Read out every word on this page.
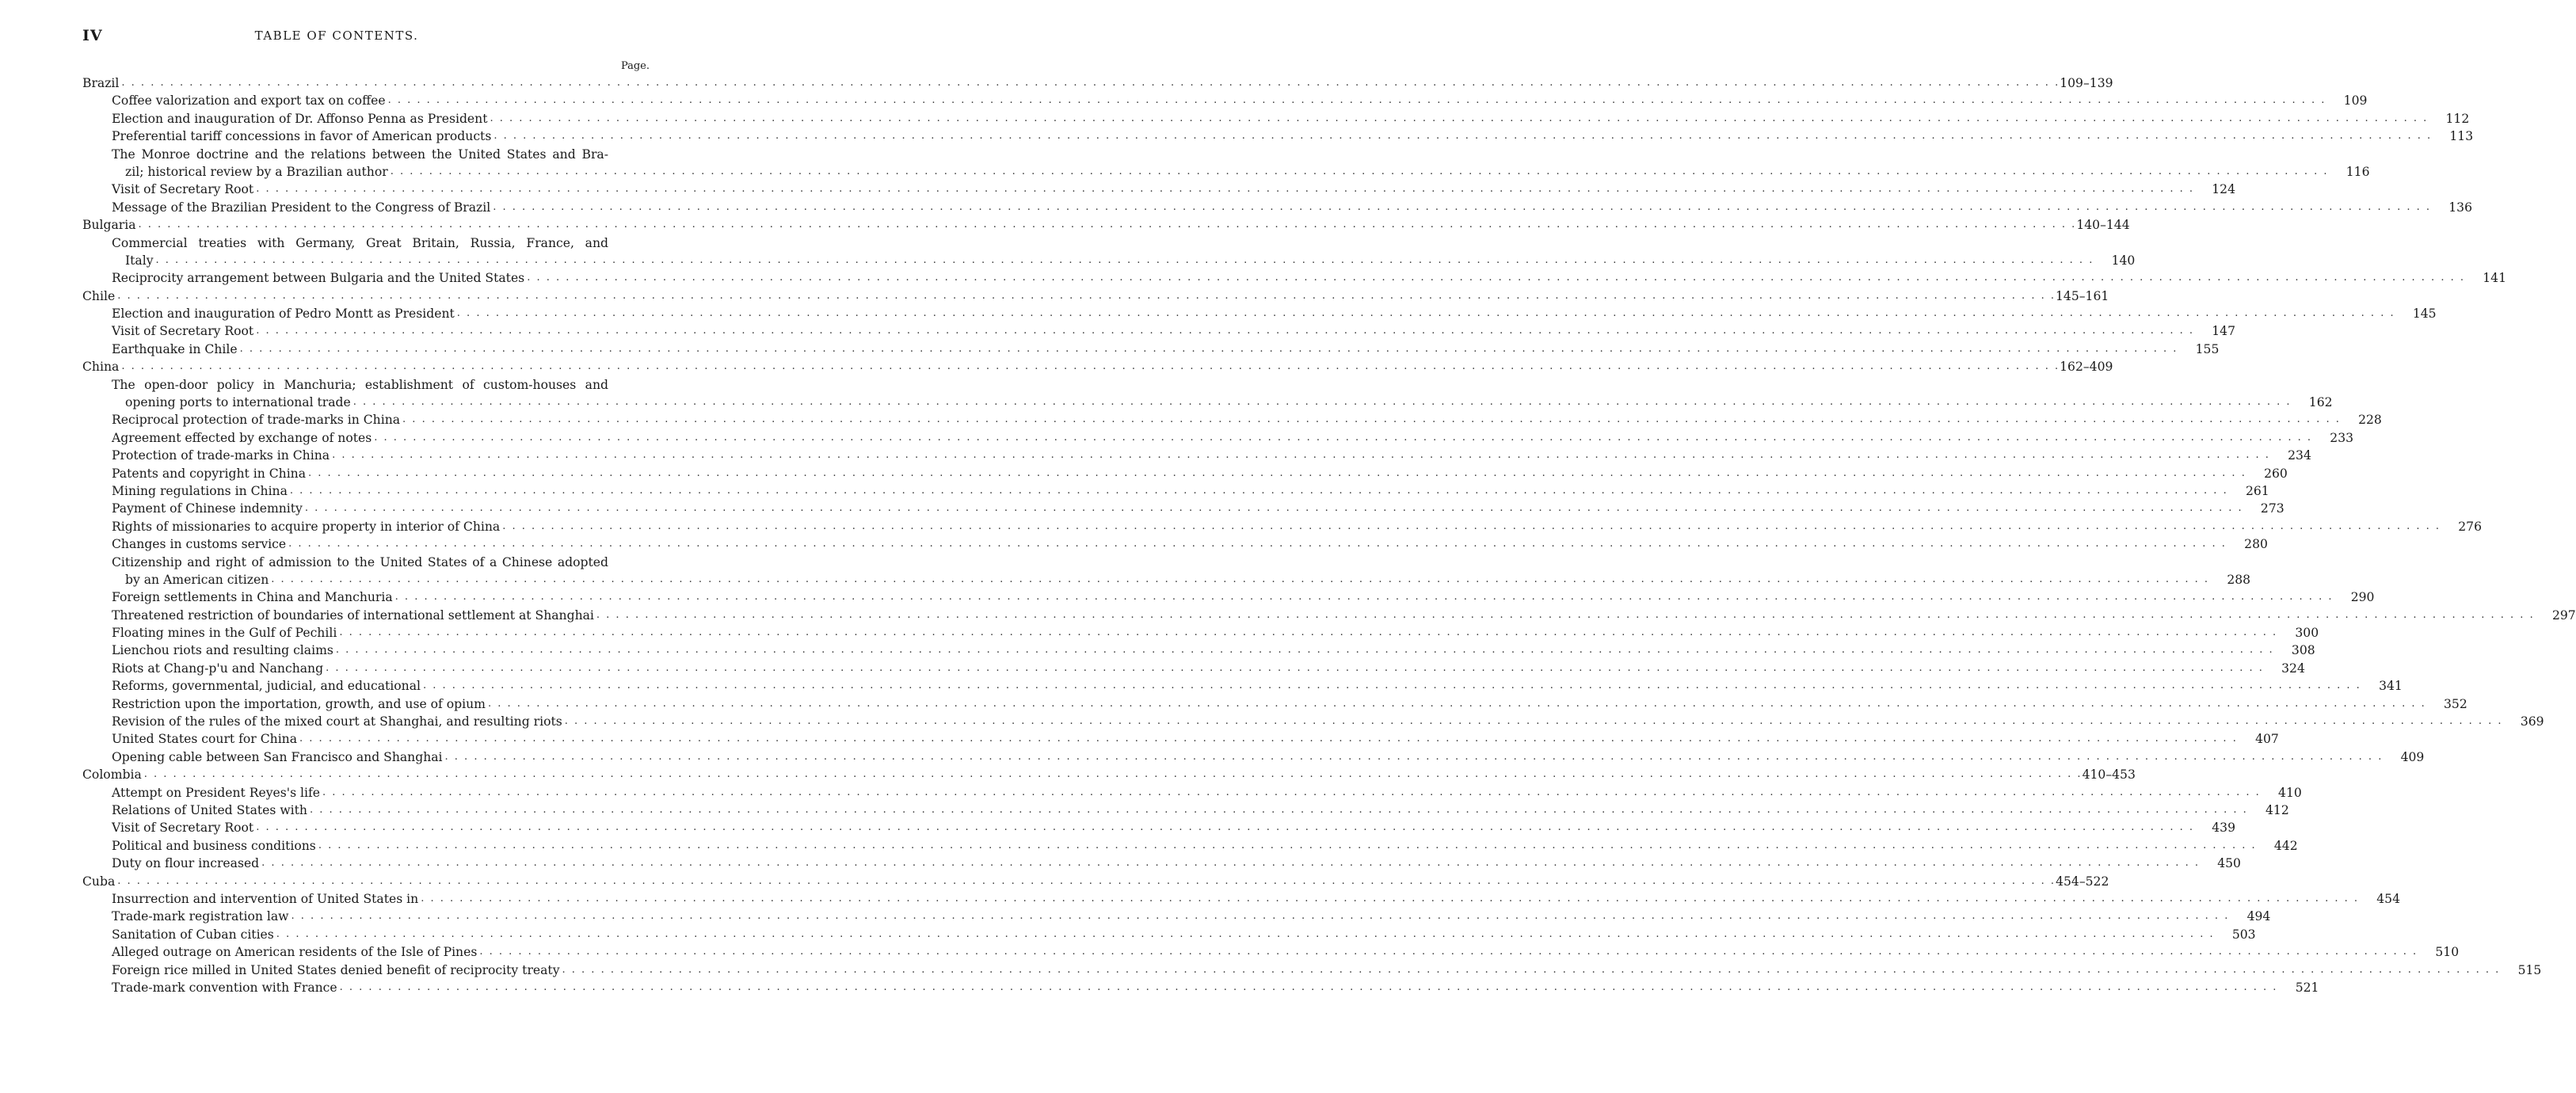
IV	TABLE OF CONTENTS.
Page.
Brazil . . . . . . . . . . . . . . . . . . . . . . . . . . . . . . . . . . . . . . . . . . . . . . . . . . . . . . . . . . . . . . . . . . . . . . . . . . . . . . . . . . . . . . . . . . . . . . . . . . . . . . . . . . . . . . . . . . . . . . . . . . . . . . . . . . . . . . . . . . . . . . . . . . . . . . . . . . . . . . . . . . . . . . . . . . . . . . . . . . . . . . . . . . . . . . . . . . . . . . . . 109–139
Coffee valorization and export tax on coffee . . . . . . . . . . . . . . . . . . . . . . . . . . . . . . . . . . . . . . . . . . . . . . . . . . . . . . . . . . . . . . . . . . . . . . . . . . . . . . . . . . . . . . . . . . . . . . . . . . . . . . . . . . . . . . . . . . . . . . . . . . . . . . . . . . . . . . . . . . . . . . . . . . . . . . . . . . . . . . . . . . . . . . . . . . . . . . . . . . . . . . . . . . . . . . . . . . . . . . . .	109
Election and inauguration of Dr. Affonso Penna as President . . . . . . . . . . . . . . . . . . . . . . . . . . . . . . . . . . . . . . . . . . . . . . . . . . . . . . . . . . . . . . . . . . . . . . . . . . . . . . . . . . . . . . . . . . . . . . . . . . . . . . . . . . . . . . . . . . . . . . . . . . . . . . . . . . . . . . . . . . . . . . . . . . . . . . . . . . . . . . . . . . . . . . . . . . . . . . . . . . . . . . . . . . . . . . . . . . . . . . . .	112
Preferential tariff concessions in favor of American products . . . . . . . . . . . . . . . . . . . . . . . . . . . . . . . . . . . . . . . . . . . . . . . . . . . . . . . . . . . . . . . . . . . . . . . . . . . . . . . . . . . . . . . . . . . . . . . . . . . . . . . . . . . . . . . . . . . . . . . . . . . . . . . . . . . . . . . . . . . . . . . . . . . . . . . . . . . . . . . . . . . . . . . . . . . . . . . . . . . . . . . . . . . . . . . . . . . . . . . .	113
The Monroe doctrine and the relations between the United States and Bra-
zil; historical review by a Brazilian author . . . . . . . . . . . . . . . . . . . . . . . . . . . . . . . . . . . . . . . . . . . . . . . . . . . . . . . . . . . . . . . . . . . . . . . . . . . . . . . . . . . . . . . . . . . . . . . . . . . . . . . . . . . . . . . . . . . . . . . . . . . . . . . . . . . . . . . . . . . . . . . . . . . . . . . . . . . . . . . . . . . . . . . . . . . . . . . . . . . . . . . . . . . . . . . . . . . . . . . .	116
Visit of Secretary Root . . . . . . . . . . . . . . . . . . . . . . . . . . . . . . . . . . . . . . . . . . . . . . . . . . . . . . . . . . . . . . . . . . . . . . . . . . . . . . . . . . . . . . . . . . . . . . . . . . . . . . . . . . . . . . . . . . . . . . . . . . . . . . . . . . . . . . . . . . . . . . . . . . . . . . . . . . . . . . . . . . . . . . . . . . . . . . . . . . . . . . . . . . . . . . . . . . . . . . . .	124
Message of the Brazilian President to the Congress of Brazil . . . . . . . . . . . . . . . . . . . . . . . . . . . . . . . . . . . . . . . . . . . . . . . . . . . . . . . . . . . . . . . . . . . . . . . . . . . . . . . . . . . . . . . . . . . . . . . . . . . . . . . . . . . . . . . . . . . . . . . . . . . . . . . . . . . . . . . . . . . . . . . . . . . . . . . . . . . . . . . . . . . . . . . . . . . . . . . . . . . . . . . . . . . . . . . . . . . . . . . .	136
Bulgaria . . . . . . . . . . . . . . . . . . . . . . . . . . . . . . . . . . . . . . . . . . . . . . . . . . . . . . . . . . . . . . . . . . . . . . . . . . . . . . . . . . . . . . . . . . . . . . . . . . . . . . . . . . . . . . . . . . . . . . . . . . . . . . . . . . . . . . . . . . . . . . . . . . . . . . . . . . . . . . . . . . . . . . . . . . . . . . . . . . . . . . . . . . . . . . . . . . . . . . . . 140–144
Commercial treaties with Germany, Great Britain, Russia, France, and
Italy . . . . . . . . . . . . . . . . . . . . . . . . . . . . . . . . . . . . . . . . . . . . . . . . . . . . . . . . . . . . . . . . . . . . . . . . . . . . . . . . . . . . . . . . . . . . . . . . . . . . . . . . . . . . . . . . . . . . . . . . . . . . . . . . . . . . . . . . . . . . . . . . . . . . . . . . . . . . . . . . . . . . . . . . . . . . . . . . . . . . . . . . . . . . . . . . . . . . . . . .	140
Reciprocity arrangement between Bulgaria and the United States . . . . . . . . . . . . . . . . . . . . . . . . . . . . . . . . . . . . . . . . . . . . . . . . . . . . . . . . . . . . . . . . . . . . . . . . . . . . . . . . . . . . . . . . . . . . . . . . . . . . . . . . . . . . . . . . . . . . . . . . . . . . . . . . . . . . . . . . . . . . . . . . . . . . . . . . . . . . . . . . . . . . . . . . . . . . . . . . . . . . . . . . . . . . . . . . . . . . . . . .	141
Chile . . . . . . . . . . . . . . . . . . . . . . . . . . . . . . . . . . . . . . . . . . . . . . . . . . . . . . . . . . . . . . . . . . . . . . . . . . . . . . . . . . . . . . . . . . . . . . . . . . . . . . . . . . . . . . . . . . . . . . . . . . . . . . . . . . . . . . . . . . . . . . . . . . . . . . . . . . . . . . . . . . . . . . . . . . . . . . . . . . . . . . . . . . . . . . . . . . . . . . . . 145–161
Election and inauguration of Pedro Montt as President . . . . . . . . . . . . . . . . . . . . . . . . . . . . . . . . . . . . . . . . . . . . . . . . . . . . . . . . . . . . . . . . . . . . . . . . . . . . . . . . . . . . . . . . . . . . . . . . . . . . . . . . . . . . . . . . . . . . . . . . . . . . . . . . . . . . . . . . . . . . . . . . . . . . . . . . . . . . . . . . . . . . . . . . . . . . . . . . . . . . . . . . . . . . . . . . . . . . . . . .	145
Visit of Secretary Root . . . . . . . . . . . . . . . . . . . . . . . . . . . . . . . . . . . . . . . . . . . . . . . . . . . . . . . . . . . . . . . . . . . . . . . . . . . . . . . . . . . . . . . . . . . . . . . . . . . . . . . . . . . . . . . . . . . . . . . . . . . . . . . . . . . . . . . . . . . . . . . . . . . . . . . . . . . . . . . . . . . . . . . . . . . . . . . . . . . . . . . . . . . . . . . . . . . . . . . .	147
Earthquake in Chile . . . . . . . . . . . . . . . . . . . . . . . . . . . . . . . . . . . . . . . . . . . . . . . . . . . . . . . . . . . . . . . . . . . . . . . . . . . . . . . . . . . . . . . . . . . . . . . . . . . . . . . . . . . . . . . . . . . . . . . . . . . . . . . . . . . . . . . . . . . . . . . . . . . . . . . . . . . . . . . . . . . . . . . . . . . . . . . . . . . . . . . . . . . . . . . . . . . . . . . .	155
China . . . . . . . . . . . . . . . . . . . . . . . . . . . . . . . . . . . . . . . . . . . . . . . . . . . . . . . . . . . . . . . . . . . . . . . . . . . . . . . . . . . . . . . . . . . . . . . . . . . . . . . . . . . . . . . . . . . . . . . . . . . . . . . . . . . . . . . . . . . . . . . . . . . . . . . . . . . . . . . . . . . . . . . . . . . . . . . . . . . . . . . . . . . . . . . . . . . . . . . . 162–409
The open-door policy in Manchuria; establishment of custom-houses and
opening ports to international trade . . . . . . . . . . . . . . . . . . . . . . . . . . . . . . . . . . . . . . . . . . . . . . . . . . . . . . . . . . . . . . . . . . . . . . . . . . . . . . . . . . . . . . . . . . . . . . . . . . . . . . . . . . . . . . . . . . . . . . . . . . . . . . . . . . . . . . . . . . . . . . . . . . . . . . . . . . . . . . . . . . . . . . . . . . . . . . . . . . . . . . . . . . . . . . . . . . . . . . . .	162
Reciprocal protection of trade-marks in China . . . . . . . . . . . . . . . . . . . . . . . . . . . . . . . . . . . . . . . . . . . . . . . . . . . . . . . . . . . . . . . . . . . . . . . . . . . . . . . . . . . . . . . . . . . . . . . . . . . . . . . . . . . . . . . . . . . . . . . . . . . . . . . . . . . . . . . . . . . . . . . . . . . . . . . . . . . . . . . . . . . . . . . . . . . . . . . . . . . . . . . . . . . . . . . . . . . . . . . .	228
Agreement effected by exchange of notes . . . . . . . . . . . . . . . . . . . . . . . . . . . . . . . . . . . . . . . . . . . . . . . . . . . . . . . . . . . . . . . . . . . . . . . . . . . . . . . . . . . . . . . . . . . . . . . . . . . . . . . . . . . . . . . . . . . . . . . . . . . . . . . . . . . . . . . . . . . . . . . . . . . . . . . . . . . . . . . . . . . . . . . . . . . . . . . . . . . . . . . . . . . . . . . . . . . . . . . .	233
Protection of trade-marks in China . . . . . . . . . . . . . . . . . . . . . . . . . . . . . . . . . . . . . . . . . . . . . . . . . . . . . . . . . . . . . . . . . . . . . . . . . . . . . . . . . . . . . . . . . . . . . . . . . . . . . . . . . . . . . . . . . . . . . . . . . . . . . . . . . . . . . . . . . . . . . . . . . . . . . . . . . . . . . . . . . . . . . . . . . . . . . . . . . . . . . . . . . . . . . . . . . . . . . . . .	234
Patents and copyright in China . . . . . . . . . . . . . . . . . . . . . . . . . . . . . . . . . . . . . . . . . . . . . . . . . . . . . . . . . . . . . . . . . . . . . . . . . . . . . . . . . . . . . . . . . . . . . . . . . . . . . . . . . . . . . . . . . . . . . . . . . . . . . . . . . . . . . . . . . . . . . . . . . . . . . . . . . . . . . . . . . . . . . . . . . . . . . . . . . . . . . . . . . . . . . . . . . . . . . . . .	260
Mining regulations in China . . . . . . . . . . . . . . . . . . . . . . . . . . . . . . . . . . . . . . . . . . . . . . . . . . . . . . . . . . . . . . . . . . . . . . . . . . . . . . . . . . . . . . . . . . . . . . . . . . . . . . . . . . . . . . . . . . . . . . . . . . . . . . . . . . . . . . . . . . . . . . . . . . . . . . . . . . . . . . . . . . . . . . . . . . . . . . . . . . . . . . . . . . . . . . . . . . . . . . . .	261
Payment of Chinese indemnity . . . . . . . . . . . . . . . . . . . . . . . . . . . . . . . . . . . . . . . . . . . . . . . . . . . . . . . . . . . . . . . . . . . . . . . . . . . . . . . . . . . . . . . . . . . . . . . . . . . . . . . . . . . . . . . . . . . . . . . . . . . . . . . . . . . . . . . . . . . . . . . . . . . . . . . . . . . . . . . . . . . . . . . . . . . . . . . . . . . . . . . . . . . . . . . . . . . . . . . .	273
Rights of missionaries to acquire property in interior of China . . . . . . . . . . . . . . . . . . . . . . . . . . . . . . . . . . . . . . . . . . . . . . . . . . . . . . . . . . . . . . . . . . . . . . . . . . . . . . . . . . . . . . . . . . . . . . . . . . . . . . . . . . . . . . . . . . . . . . . . . . . . . . . . . . . . . . . . . . . . . . . . . . . . . . . . . . . . . . . . . . . . . . . . . . . . . . . . . . . . . . . . . . . . . . . . . . . . . . . .	276
Changes in customs service . . . . . . . . . . . . . . . . . . . . . . . . . . . . . . . . . . . . . . . . . . . . . . . . . . . . . . . . . . . . . . . . . . . . . . . . . . . . . . . . . . . . . . . . . . . . . . . . . . . . . . . . . . . . . . . . . . . . . . . . . . . . . . . . . . . . . . . . . . . . . . . . . . . . . . . . . . . . . . . . . . . . . . . . . . . . . . . . . . . . . . . . . . . . . . . . . . . . . . . .	280
Citizenship and right of admission to the United States of a Chinese adopted
by an American citizen . . . . . . . . . . . . . . . . . . . . . . . . . . . . . . . . . . . . . . . . . . . . . . . . . . . . . . . . . . . . . . . . . . . . . . . . . . . . . . . . . . . . . . . . . . . . . . . . . . . . . . . . . . . . . . . . . . . . . . . . . . . . . . . . . . . . . . . . . . . . . . . . . . . . . . . . . . . . . . . . . . . . . . . . . . . . . . . . . . . . . . . . . . . . . . . . . . . . . . . .	288
Foreign settlements in China and Manchuria . . . . . . . . . . . . . . . . . . . . . . . . . . . . . . . . . . . . . . . . . . . . . . . . . . . . . . . . . . . . . . . . . . . . . . . . . . . . . . . . . . . . . . . . . . . . . . . . . . . . . . . . . . . . . . . . . . . . . . . . . . . . . . . . . . . . . . . . . . . . . . . . . . . . . . . . . . . . . . . . . . . . . . . . . . . . . . . . . . . . . . . . . . . . . . . . . . . . . . . .	290
Threatened restriction of boundaries of international settlement at Shanghai . . . . . . . . . . . . . . . . . . . . . . . . . . . . . . . . . . . . . . . . . . . . . . . . . . . . . . . . . . . . . . . . . . . . . . . . . . . . . . . . . . . . . . . . . . . . . . . . . . . . . . . . . . . . . . . . . . . . . . . . . . . . . . . . . . . . . . . . . . . . . . . . . . . . . . . . . . . . . . . . . . . . . . . . . . . . . . . . . . . . . . . . . . . . . . . . . . . . . . . .	297
Floating mines in the Gulf of Pechili . . . . . . . . . . . . . . . . . . . . . . . . . . . . . . . . . . . . . . . . . . . . . . . . . . . . . . . . . . . . . . . . . . . . . . . . . . . . . . . . . . . . . . . . . . . . . . . . . . . . . . . . . . . . . . . . . . . . . . . . . . . . . . . . . . . . . . . . . . . . . . . . . . . . . . . . . . . . . . . . . . . . . . . . . . . . . . . . . . . . . . . . . . . . . . . . . . . . . . . .	300
Lienchou riots and resulting claims . . . . . . . . . . . . . . . . . . . . . . . . . . . . . . . . . . . . . . . . . . . . . . . . . . . . . . . . . . . . . . . . . . . . . . . . . . . . . . . . . . . . . . . . . . . . . . . . . . . . . . . . . . . . . . . . . . . . . . . . . . . . . . . . . . . . . . . . . . . . . . . . . . . . . . . . . . . . . . . . . . . . . . . . . . . . . . . . . . . . . . . . . . . . . . . . . . . . . . . .	308
Riots at Chang-p'u and Nanchang . . . . . . . . . . . . . . . . . . . . . . . . . . . . . . . . . . . . . . . . . . . . . . . . . . . . . . . . . . . . . . . . . . . . . . . . . . . . . . . . . . . . . . . . . . . . . . . . . . . . . . . . . . . . . . . . . . . . . . . . . . . . . . . . . . . . . . . . . . . . . . . . . . . . . . . . . . . . . . . . . . . . . . . . . . . . . . . . . . . . . . . . . . . . . . . . . . . . . . . .	324
Reforms, governmental, judicial, and educational . . . . . . . . . . . . . . . . . . . . . . . . . . . . . . . . . . . . . . . . . . . . . . . . . . . . . . . . . . . . . . . . . . . . . . . . . . . . . . . . . . . . . . . . . . . . . . . . . . . . . . . . . . . . . . . . . . . . . . . . . . . . . . . . . . . . . . . . . . . . . . . . . . . . . . . . . . . . . . . . . . . . . . . . . . . . . . . . . . . . . . . . . . . . . . . . . . . . . . . .	341
Restriction upon the importation, growth, and use of opium . . . . . . . . . . . . . . . . . . . . . . . . . . . . . . . . . . . . . . . . . . . . . . . . . . . . . . . . . . . . . . . . . . . . . . . . . . . . . . . . . . . . . . . . . . . . . . . . . . . . . . . . . . . . . . . . . . . . . . . . . . . . . . . . . . . . . . . . . . . . . . . . . . . . . . . . . . . . . . . . . . . . . . . . . . . . . . . . . . . . . . . . . . . . . . . . . . . . . . . .	352
Revision of the rules of the mixed court at Shanghai, and resulting riots . . . . . . . . . . . . . . . . . . . . . . . . . . . . . . . . . . . . . . . . . . . . . . . . . . . . . . . . . . . . . . . . . . . . . . . . . . . . . . . . . . . . . . . . . . . . . . . . . . . . . . . . . . . . . . . . . . . . . . . . . . . . . . . . . . . . . . . . . . . . . . . . . . . . . . . . . . . . . . . . . . . . . . . . . . . . . . . . . . . . . . . . . . . . . . . . . . . . . . . .	369
United States court for China . . . . . . . . . . . . . . . . . . . . . . . . . . . . . . . . . . . . . . . . . . . . . . . . . . . . . . . . . . . . . . . . . . . . . . . . . . . . . . . . . . . . . . . . . . . . . . . . . . . . . . . . . . . . . . . . . . . . . . . . . . . . . . . . . . . . . . . . . . . . . . . . . . . . . . . . . . . . . . . . . . . . . . . . . . . . . . . . . . . . . . . . . . . . . . . . . . . . . . . .	407
Opening cable between San Francisco and Shanghai . . . . . . . . . . . . . . . . . . . . . . . . . . . . . . . . . . . . . . . . . . . . . . . . . . . . . . . . . . . . . . . . . . . . . . . . . . . . . . . . . . . . . . . . . . . . . . . . . . . . . . . . . . . . . . . . . . . . . . . . . . . . . . . . . . . . . . . . . . . . . . . . . . . . . . . . . . . . . . . . . . . . . . . . . . . . . . . . . . . . . . . . . . . . . . . . . . . . . . . .	409
Colombia . . . . . . . . . . . . . . . . . . . . . . . . . . . . . . . . . . . . . . . . . . . . . . . . . . . . . . . . . . . . . . . . . . . . . . . . . . . . . . . . . . . . . . . . . . . . . . . . . . . . . . . . . . . . . . . . . . . . . . . . . . . . . . . . . . . . . . . . . . . . . . . . . . . . . . . . . . . . . . . . . . . . . . . . . . . . . . . . . . . . . . . . . . . . . . . . . . . . . . . . 410–453
Attempt on President Reyes's life . . . . . . . . . . . . . . . . . . . . . . . . . . . . . . . . . . . . . . . . . . . . . . . . . . . . . . . . . . . . . . . . . . . . . . . . . . . . . . . . . . . . . . . . . . . . . . . . . . . . . . . . . . . . . . . . . . . . . . . . . . . . . . . . . . . . . . . . . . . . . . . . . . . . . . . . . . . . . . . . . . . . . . . . . . . . . . . . . . . . . . . . . . . . . . . . . . . . . . . .	410
Relations of United States with . . . . . . . . . . . . . . . . . . . . . . . . . . . . . . . . . . . . . . . . . . . . . . . . . . . . . . . . . . . . . . . . . . . . . . . . . . . . . . . . . . . . . . . . . . . . . . . . . . . . . . . . . . . . . . . . . . . . . . . . . . . . . . . . . . . . . . . . . . . . . . . . . . . . . . . . . . . . . . . . . . . . . . . . . . . . . . . . . . . . . . . . . . . . . . . . . . . . . . . .	412
Visit of Secretary Root . . . . . . . . . . . . . . . . . . . . . . . . . . . . . . . . . . . . . . . . . . . . . . . . . . . . . . . . . . . . . . . . . . . . . . . . . . . . . . . . . . . . . . . . . . . . . . . . . . . . . . . . . . . . . . . . . . . . . . . . . . . . . . . . . . . . . . . . . . . . . . . . . . . . . . . . . . . . . . . . . . . . . . . . . . . . . . . . . . . . . . . . . . . . . . . . . . . . . . . .	439
Political and business conditions . . . . . . . . . . . . . . . . . . . . . . . . . . . . . . . . . . . . . . . . . . . . . . . . . . . . . . . . . . . . . . . . . . . . . . . . . . . . . . . . . . . . . . . . . . . . . . . . . . . . . . . . . . . . . . . . . . . . . . . . . . . . . . . . . . . . . . . . . . . . . . . . . . . . . . . . . . . . . . . . . . . . . . . . . . . . . . . . . . . . . . . . . . . . . . . . . . . . . . . .	442
Duty on flour increased . . . . . . . . . . . . . . . . . . . . . . . . . . . . . . . . . . . . . . . . . . . . . . . . . . . . . . . . . . . . . . . . . . . . . . . . . . . . . . . . . . . . . . . . . . . . . . . . . . . . . . . . . . . . . . . . . . . . . . . . . . . . . . . . . . . . . . . . . . . . . . . . . . . . . . . . . . . . . . . . . . . . . . . . . . . . . . . . . . . . . . . . . . . . . . . . . . . . . . . .	450
Cuba . . . . . . . . . . . . . . . . . . . . . . . . . . . . . . . . . . . . . . . . . . . . . . . . . . . . . . . . . . . . . . . . . . . . . . . . . . . . . . . . . . . . . . . . . . . . . . . . . . . . . . . . . . . . . . . . . . . . . . . . . . . . . . . . . . . . . . . . . . . . . . . . . . . . . . . . . . . . . . . . . . . . . . . . . . . . . . . . . . . . . . . . . . . . . . . . . . . . . . . . 454–522
Insurrection and intervention of United States in . . . . . . . . . . . . . . . . . . . . . . . . . . . . . . . . . . . . . . . . . . . . . . . . . . . . . . . . . . . . . . . . . . . . . . . . . . . . . . . . . . . . . . . . . . . . . . . . . . . . . . . . . . . . . . . . . . . . . . . . . . . . . . . . . . . . . . . . . . . . . . . . . . . . . . . . . . . . . . . . . . . . . . . . . . . . . . . . . . . . . . . . . . . . . . . . . . . . . . . .	454
Trade-mark registration law . . . . . . . . . . . . . . . . . . . . . . . . . . . . . . . . . . . . . . . . . . . . . . . . . . . . . . . . . . . . . . . . . . . . . . . . . . . . . . . . . . . . . . . . . . . . . . . . . . . . . . . . . . . . . . . . . . . . . . . . . . . . . . . . . . . . . . . . . . . . . . . . . . . . . . . . . . . . . . . . . . . . . . . . . . . . . . . . . . . . . . . . . . . . . . . . . . . . . . . .	494
Sanitation of Cuban cities . . . . . . . . . . . . . . . . . . . . . . . . . . . . . . . . . . . . . . . . . . . . . . . . . . . . . . . . . . . . . . . . . . . . . . . . . . . . . . . . . . . . . . . . . . . . . . . . . . . . . . . . . . . . . . . . . . . . . . . . . . . . . . . . . . . . . . . . . . . . . . . . . . . . . . . . . . . . . . . . . . . . . . . . . . . . . . . . . . . . . . . . . . . . . . . . . . . . . . . .	503
Alleged outrage on American residents of the Isle of Pines . . . . . . . . . . . . . . . . . . . . . . . . . . . . . . . . . . . . . . . . . . . . . . . . . . . . . . . . . . . . . . . . . . . . . . . . . . . . . . . . . . . . . . . . . . . . . . . . . . . . . . . . . . . . . . . . . . . . . . . . . . . . . . . . . . . . . . . . . . . . . . . . . . . . . . . . . . . . . . . . . . . . . . . . . . . . . . . . . . . . . . . . . . . . . . . . . . . . . . . .	510
Foreign rice milled in United States denied benefit of reciprocity treaty . . . . . . . . . . . . . . . . . . . . . . . . . . . . . . . . . . . . . . . . . . . . . . . . . . . . . . . . . . . . . . . . . . . . . . . . . . . . . . . . . . . . . . . . . . . . . . . . . . . . . . . . . . . . . . . . . . . . . . . . . . . . . . . . . . . . . . . . . . . . . . . . . . . . . . . . . . . . . . . . . . . . . . . . . . . . . . . . . . . . . . . . . . . . . . . . . . . . . . . .	515
Trade-mark convention with France . . . . . . . . . . . . . . . . . . . . . . . . . . . . . . . . . . . . . . . . . . . . . . . . . . . . . . . . . . . . . . . . . . . . . . . . . . . . . . . . . . . . . . . . . . . . . . . . . . . . . . . . . . . . . . . . . . . . . . . . . . . . . . . . . . . . . . . . . . . . . . . . . . . . . . . . . . . . . . . . . . . . . . . . . . . . . . . . . . . . . . . . . . . . . . . . . . . . . . . .	521
